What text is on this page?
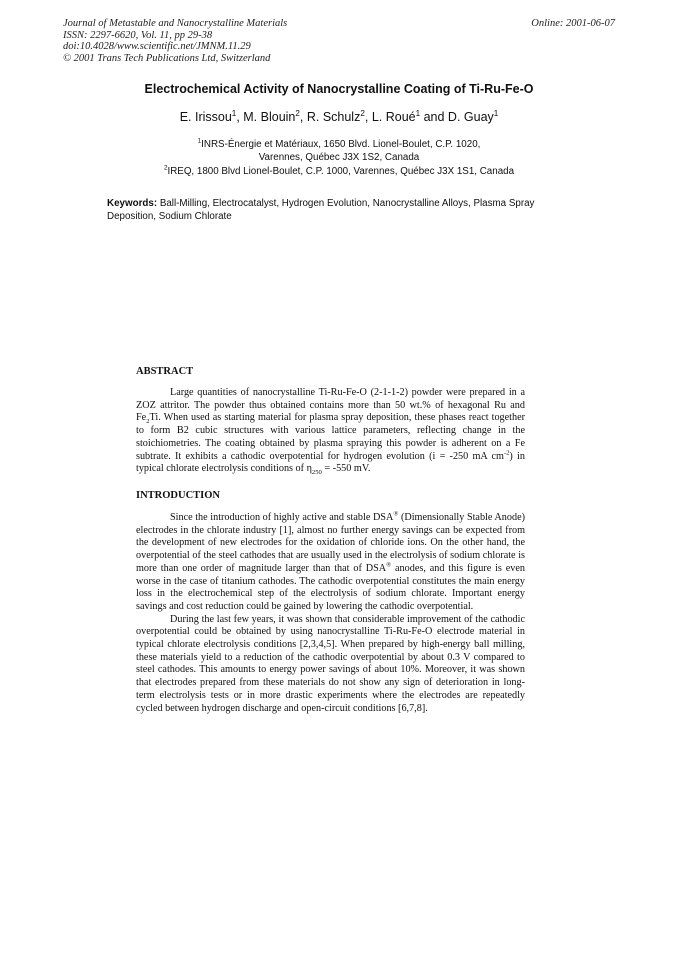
Journal of Metastable and Nanocrystalline Materials
ISSN: 2297-6620, Vol. 11, pp 29-38
doi:10.4028/www.scientific.net/JMNM.11.29
© 2001 Trans Tech Publications Ltd, Switzerland
Online: 2001-06-07
Electrochemical Activity of Nanocrystalline Coating of Ti-Ru-Fe-O
E. Irissou$^1$, M. Blouin$^2$, R. Schulz$^2$, L. Roué$^1$ and D. Guay$^1$
$^1$INRS-Énergie et Matériaux, 1650 Blvd. Lionel-Boulet, C.P. 1020,
Varennes, Québec J3X 1S2, Canada
$^2$IREQ, 1800 Blvd Lionel-Boulet, C.P. 1000, Varennes, Québec J3X 1S1, Canada
Keywords: Ball-Milling, Electrocatalyst, Hydrogen Evolution, Nanocrystalline Alloys, Plasma Spray Deposition, Sodium Chlorate
ABSTRACT

Large quantities of nanocrystalline Ti-Ru-Fe-O (2-1-1-2) powder were prepared in a ZOZ attritor. The powder thus obtained contains more than 50 wt.% of hexagonal Ru and $Fe_2Ti$. When used as starting material for plasma spray deposition, these phases react together to form B2 cubic structures with various lattice parameters, reflecting change in the stoichiometries. The coating obtained by plasma spraying this powder is adherent on a Fe subtrate. It exhibits a cathodic overpotential for hydrogen evolution (i = -250 mA $cm^{-2}$) in typical chlorate electrolysis conditions of $\eta_{250} = -550$ mV.

INTRODUCTION

Since the introduction of highly active and stable DSA® (Dimensionally Stable Anode) electrodes in the chlorate industry [1], almost no further energy savings can be expected from the development of new electrodes for the oxidation of chloride ions. On the other hand, the overpotential of the steel cathodes that are usually used in the electrolysis of sodium chlorate is more than one order of magnitude larger than that of DSA® anodes, and this figure is even worse in the case of titanium cathodes. The cathodic overpotential constitutes the main energy loss in the electrochemical step of the electrolysis of sodium chlorate. Important energy savings and cost reduction could be gained by lowering the cathodic overpotential.

During the last few years, it was shown that considerable improvement of the cathodic overpotential could be obtained by using nanocrystalline Ti-Ru-Fe-O electrode material in typical chlorate electrolysis conditions [2,3,4,5]. When prepared by high-energy ball milling, these materials yield to a reduction of the cathodic overpotential by about 0.3 V compared to steel cathodes. This amounts to energy power savings of about 10%. Moreover, it was shown that electrodes prepared from these materials do not show any sign of deterioration in long-term electrolysis tests or in more drastic experiments where the electrodes are repeatedly cycled between hydrogen discharge and open-circuit conditions [6,7,8].
